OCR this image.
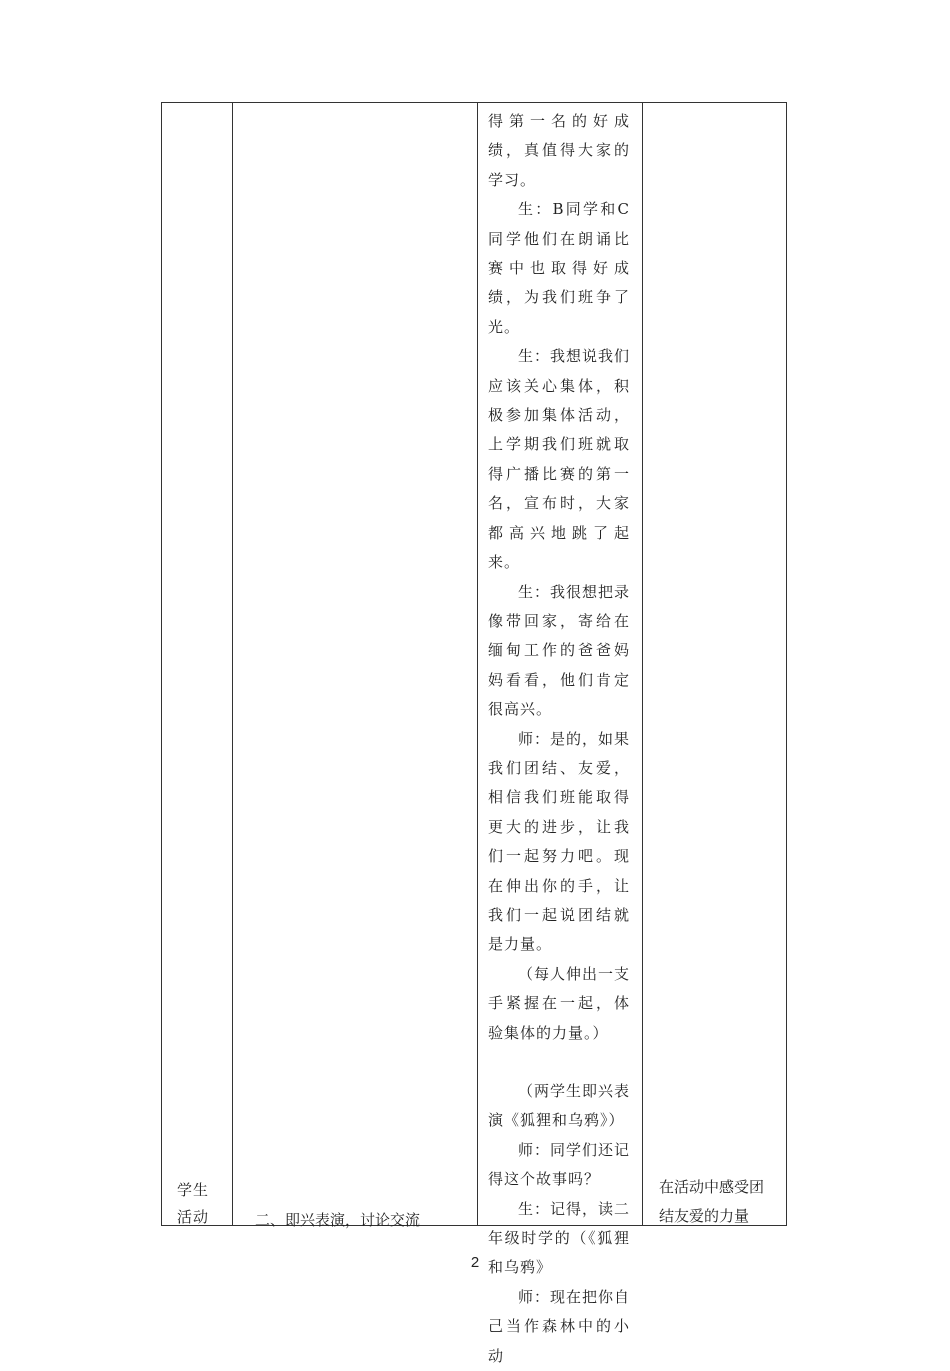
学生
活动	二、即兴表演，讨论交流

得第一名的好成绩，真值得大家的学习。

生：B同学和C同学他们在朗诵比赛中也取得好成绩，为我们班争了光。

生：我想说我们应该关心集体，积极参加集体活动，上学期我们班就取得广播比赛的第一名，宣布时，大家都高兴地跳了起来。

生：我很想把录像带回家，寄给在缅甸工作的爸爸妈妈看看，他们肯定很高兴。

师：是的，如果我们团结、友爱，相信我们班能取得更大的进步，让我们一起努力吧。现在伸出你的手，让我们一起说团结就是力量。

（每人伸出一支手紧握在一起，体验集体的力量。）

（两学生即兴表演《狐狸和乌鸦》）

师：同学们还记得这个故事吗？

生：记得，读二年级时学的（《狐狸和乌鸦》

师：现在把你自己当作森林中的小动

在活动中感受团结友爱的力量
2
